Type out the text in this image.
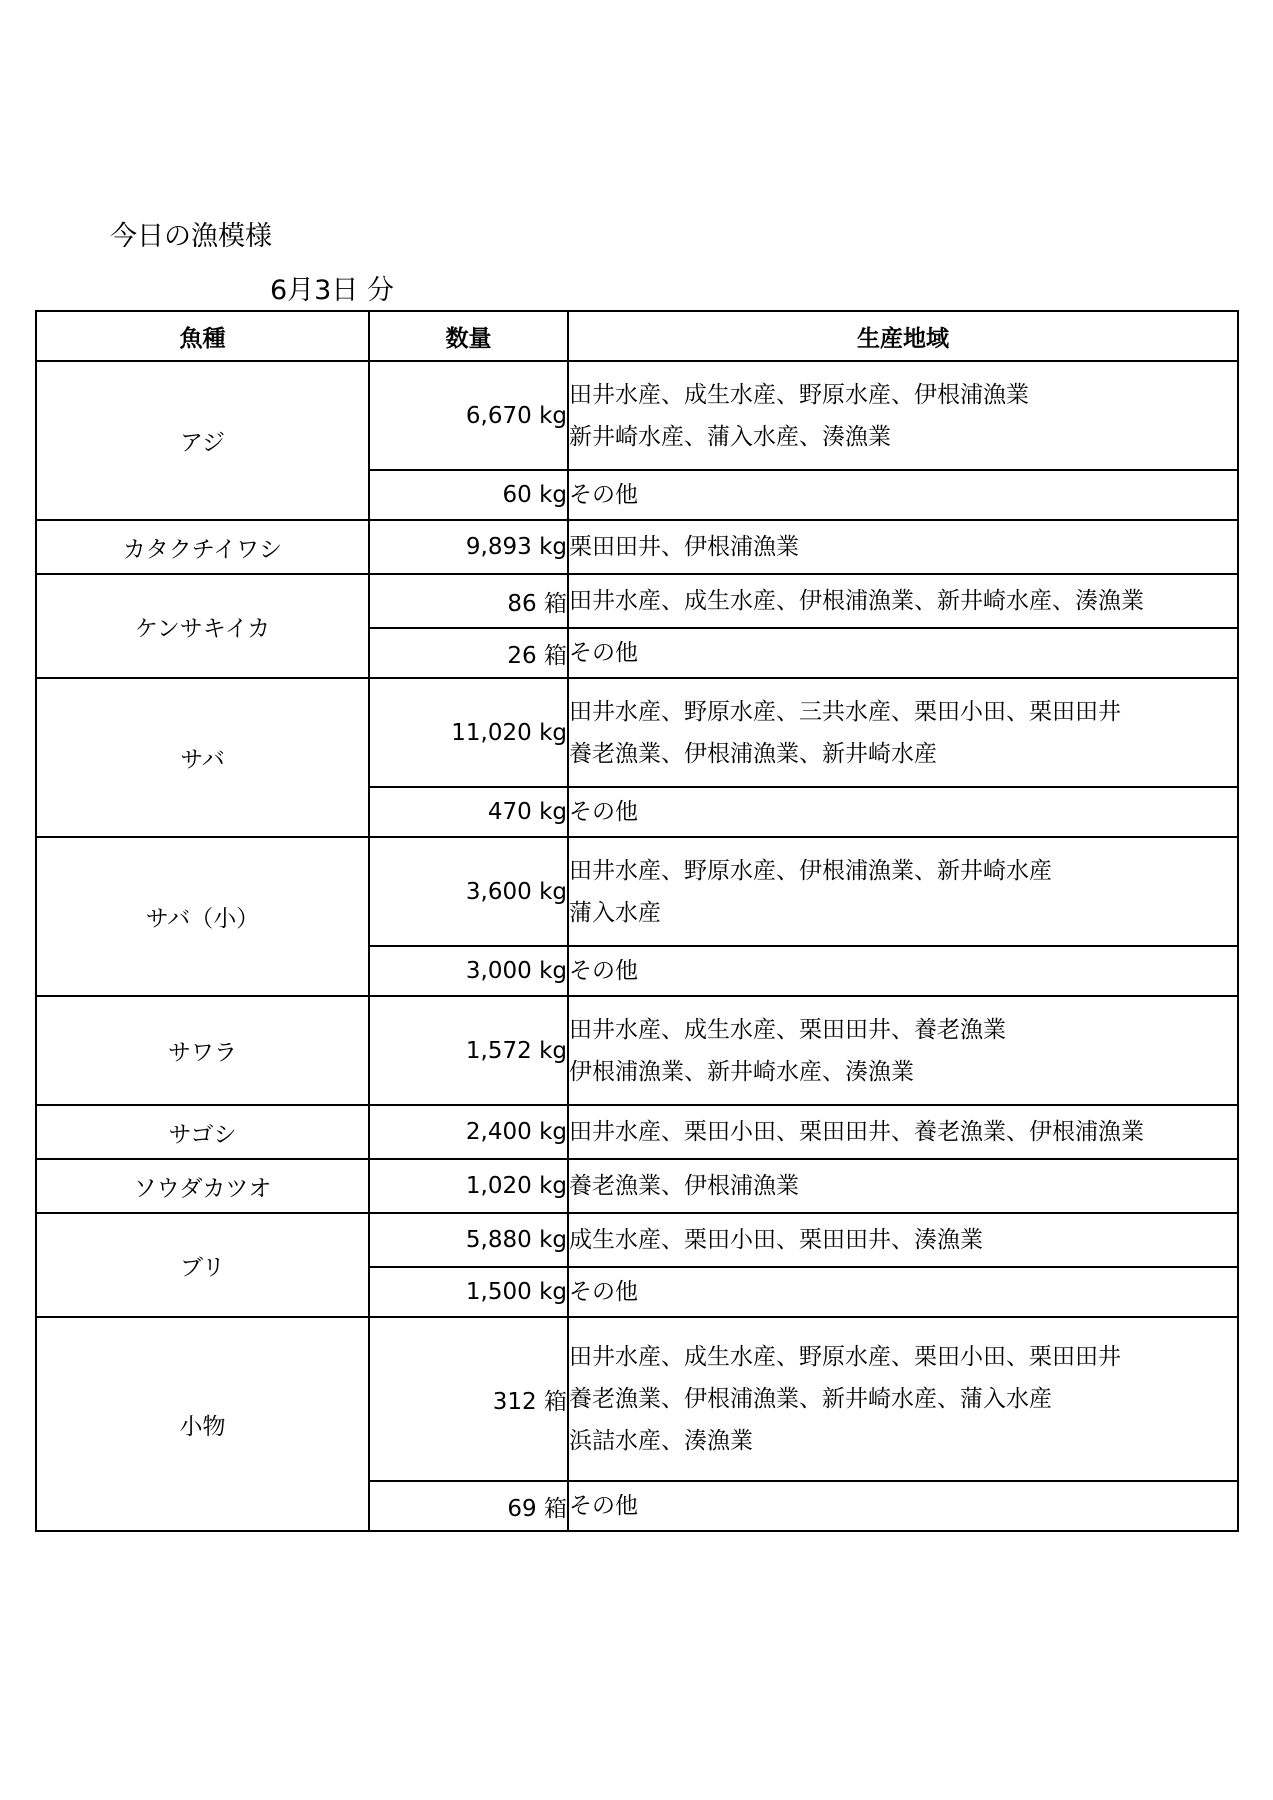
今日の漁模様
6月3日 分
魚種	数量	生産地域
アジ	6,670 kg	田井水産、成生水産、野原水産、伊根浦漁業
新井崎水産、蒲入水産、湊漁業

	60 kg	その他

カタクチイワシ	9,893 kg	栗田田井、伊根浦漁業

ケンサキイカ	86 箱	田井水産、成生水産、伊根浦漁業、新井崎水産、湊漁業

	26 箱	その他

サバ	11,020 kg	田井水産、野原水産、三共水産、栗田小田、栗田田井
養老漁業、伊根浦漁業、新井崎水産

	470 kg	その他

サバ（小）	3,600 kg	田井水産、野原水産、伊根浦漁業、新井崎水産
蒲入水産

	3,000 kg	その他

サワラ	1,572 kg	田井水産、成生水産、栗田田井、養老漁業
伊根浦漁業、新井崎水産、湊漁業

サゴシ	2,400 kg	田井水産、栗田小田、栗田田井、養老漁業、伊根浦漁業

ソウダカツオ	1,020 kg	養老漁業、伊根浦漁業

ブリ	5,880 kg	成生水産、栗田小田、栗田田井、湊漁業

	1,500 kg	その他

小物	312 箱	田井水産、成生水産、野原水産、栗田小田、栗田田井
養老漁業、伊根浦漁業、新井崎水産、蒲入水産
浜詰水産、湊漁業

	69 箱	その他
